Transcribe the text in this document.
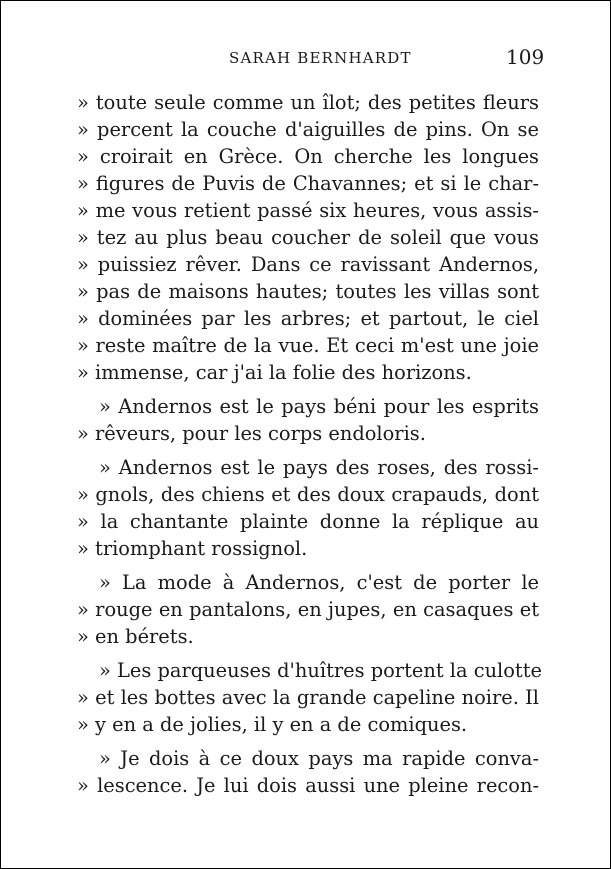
SARAH BERNHARDT	109
» toute seule comme un îlot; des petites fleurs
» percent la couche d'aiguilles de pins. On se
» croirait en Grèce. On cherche les longues
» figures de Puvis de Chavannes; et si le char-
» me vous retient passé six heures, vous assis-
» tez au plus beau coucher de soleil que vous
» puissiez rêver. Dans ce ravissant Andernos,
» pas de maisons hautes; toutes les villas sont
» dominées par les arbres; et partout, le ciel
» reste maître de la vue. Et ceci m'est une joie
» immense, car j'ai la folie des horizons.
» Andernos est le pays béni pour les esprits
» rêveurs, pour les corps endoloris.
» Andernos est le pays des roses, des rossi-
» gnols, des chiens et des doux crapauds, dont
» la chantante plainte donne la réplique au
» triomphant rossignol.
» La mode à Andernos, c'est de porter le
» rouge en pantalons, en jupes, en casaques et
» en bérets.
» Les parqueuses d'huîtres portent la culotte
» et les bottes avec la grande capeline noire. Il
» y en a de jolies, il y en a de comiques.
» Je dois à ce doux pays ma rapide conva-
» lescence. Je lui dois aussi une pleine recon-
